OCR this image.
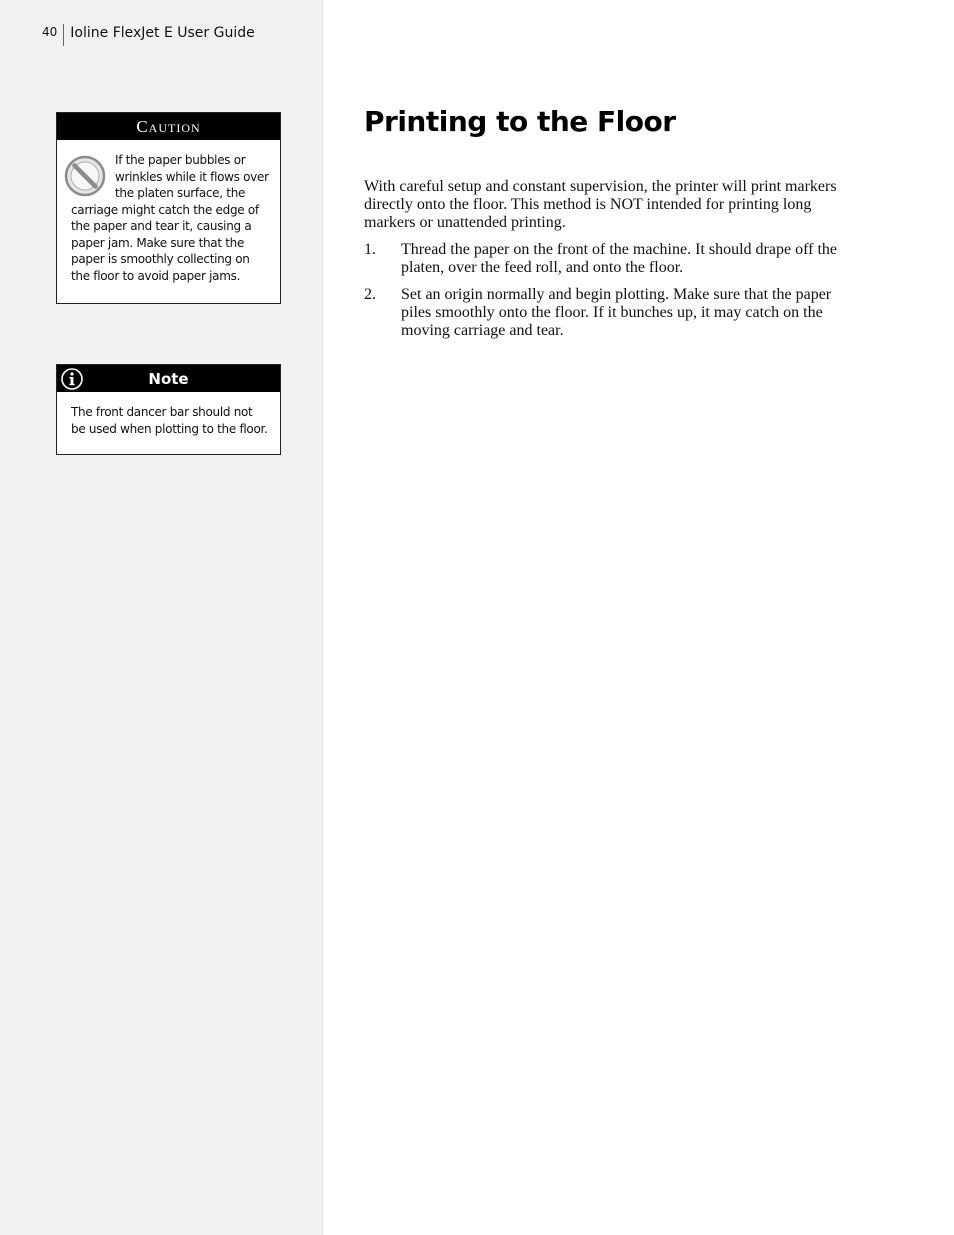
40 Ioline FlexJet E User Guide
Caution
If the paper bubbles or wrinkles while it flows over the platen surface, the carriage might catch the edge of the paper and tear it, causing a paper jam. Make sure that the paper is smoothly collecting on the floor to avoid paper jams.
Note
The front dancer bar should not be used when plotting to the floor.
Printing to the Floor

With careful setup and constant supervision, the printer will print markers directly onto the floor. This method is NOT intended for printing long markers or unattended printing.

1.	Thread the paper on the front of the machine. It should drape off the platen, over the feed roll, and onto the floor.
2.	Set an origin normally and begin plotting. Make sure that the paper piles smoothly onto the floor. If it bunches up, it may catch on the moving carriage and tear.
